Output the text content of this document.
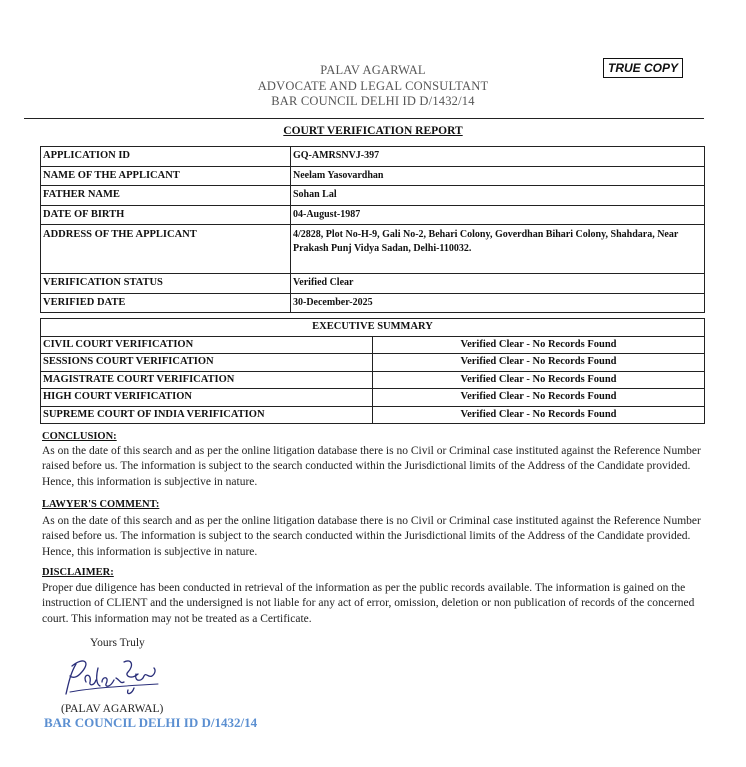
TRUE COPY
PALAV AGARWAL
ADVOCATE AND LEGAL CONSULTANT
BAR COUNCIL DELHI ID D/1432/14
COURT VERIFICATION REPORT
APPLICATION ID	GQ-AMRSNVJ-397
NAME OF THE APPLICANT	Neelam Yasovardhan
FATHER NAME	Sohan Lal
DATE OF BIRTH	04-August-1987
ADDRESS OF THE APPLICANT	4/2828, Plot No-H-9, Gali No-2, Behari Colony, Goverdhan Bihari Colony, Shahdara, Near Prakash Punj Vidya Sadan, Delhi-110032.
VERIFICATION STATUS	Verified Clear
VERIFIED DATE	30-December-2025
EXECUTIVE SUMMARY	
CIVIL COURT VERIFICATION	Verified Clear - No Records Found
SESSIONS COURT VERIFICATION	Verified Clear - No Records Found
MAGISTRATE COURT VERIFICATION	Verified Clear - No Records Found
HIGH COURT VERIFICATION	Verified Clear - No Records Found
SUPREME COURT OF INDIA VERIFICATION	Verified Clear - No Records Found
CONCLUSION:
As on the date of this search and as per the online litigation database there is no Civil or Criminal case instituted against the Reference Number raised before us. The information is subject to the search conducted within the Jurisdictional limits of the Address of the Candidate provided. Hence, this information is subjective in nature.
LAWYER'S COMMENT:
As on the date of this search and as per the online litigation database there is no Civil or Criminal case instituted against the Reference Number raised before us. The information is subject to the search conducted within the Jurisdictional limits of the Address of the Candidate provided. Hence, this information is subjective in nature.
DISCLAIMER:
Proper due diligence has been conducted in retrieval of the information as per the public records available. The information is gained on the instruction of CLIENT and the undersigned is not liable for any act of error, omission, deletion or non publication of records of the concerned court. This information may not be treated as a Certificate.
Yours Truly
(PALAV AGARWAL)
BAR COUNCIL DELHI ID D/1432/14
